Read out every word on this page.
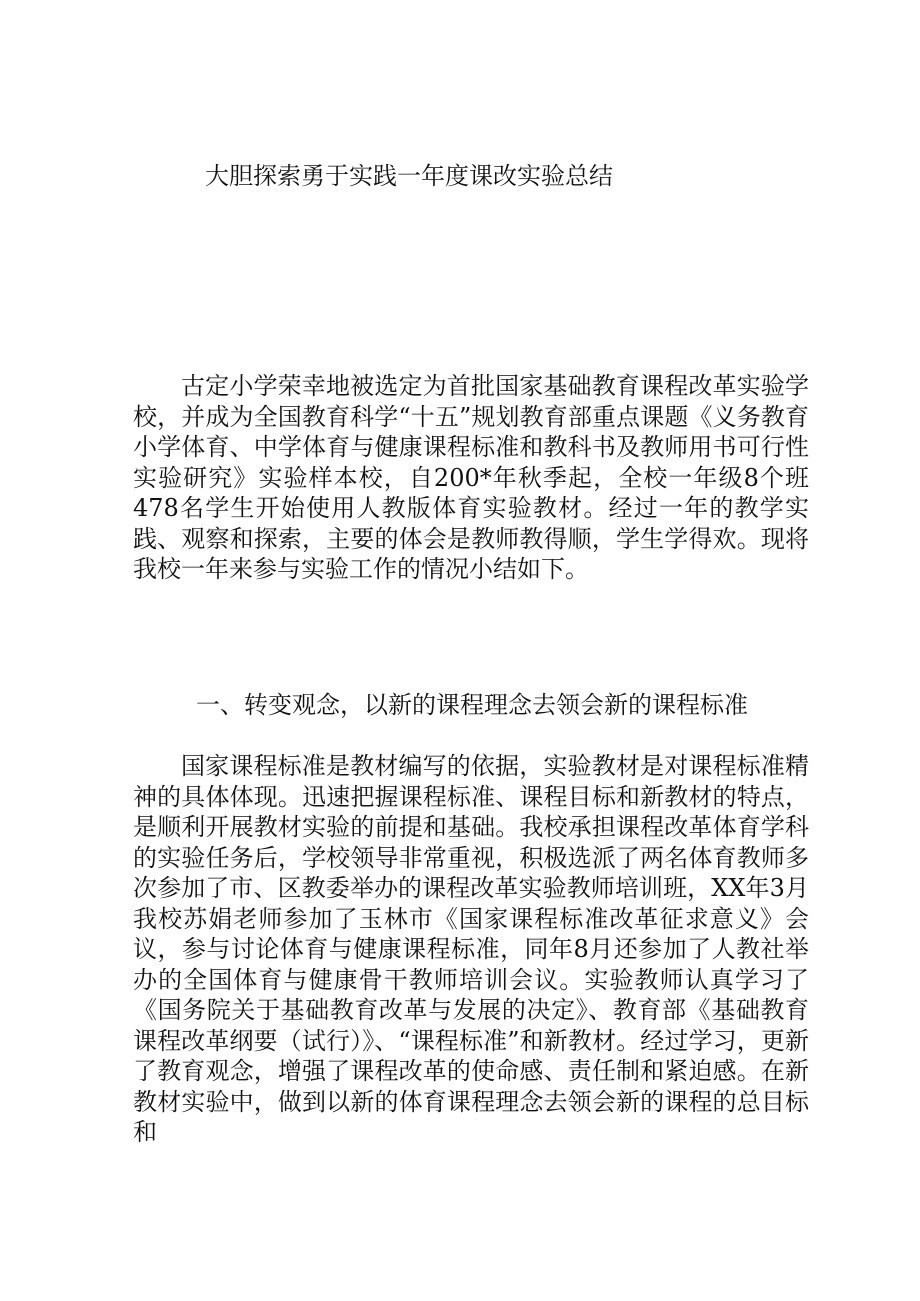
大胆探索勇于实践一年度课改实验总结

古定小学荣幸地被选定为首批国家基础教育课程改革实验学校，并成为全国教育科学“十五”规划教育部重点课题《义务教育小学体育、中学体育与健康课程标准和教科书及教师用书可行性实验研究》实验样本校，自200*年秋季起，全校一年级8个班478名学生开始使用人教版体育实验教材。经过一年的教学实践、观察和探索，主要的体会是教师教得顺，学生学得欢。现将我校一年来参与实验工作的情况小结如下。

一、转变观念，以新的课程理念去领会新的课程标准

国家课程标准是教材编写的依据，实验教材是对课程标准精神的具体体现。迅速把握课程标准、课程目标和新教材的特点，是顺利开展教材实验的前提和基础。我校承担课程改革体育学科的实验任务后，学校领导非常重视，积极选派了两名体育教师多次参加了市、区教委举办的课程改革实验教师培训班，XX年3月我校苏娟老师参加了玉林市《国家课程标准改革征求意义》会议，参与讨论体育与健康课程标准，同年8月还参加了人教社举办的全国体育与健康骨干教师培训会议。实验教师认真学习了《国务院关于基础教育改革与发展的决定》、教育部《基础教育课程改革纲要（试行）》、“课程标准”和新教材。经过学习，更新了教育观念，增强了课程改革的使命感、责任制和紧迫感。在新教材实验中，做到以新的体育课程理念去领会新的课程的总目标和
